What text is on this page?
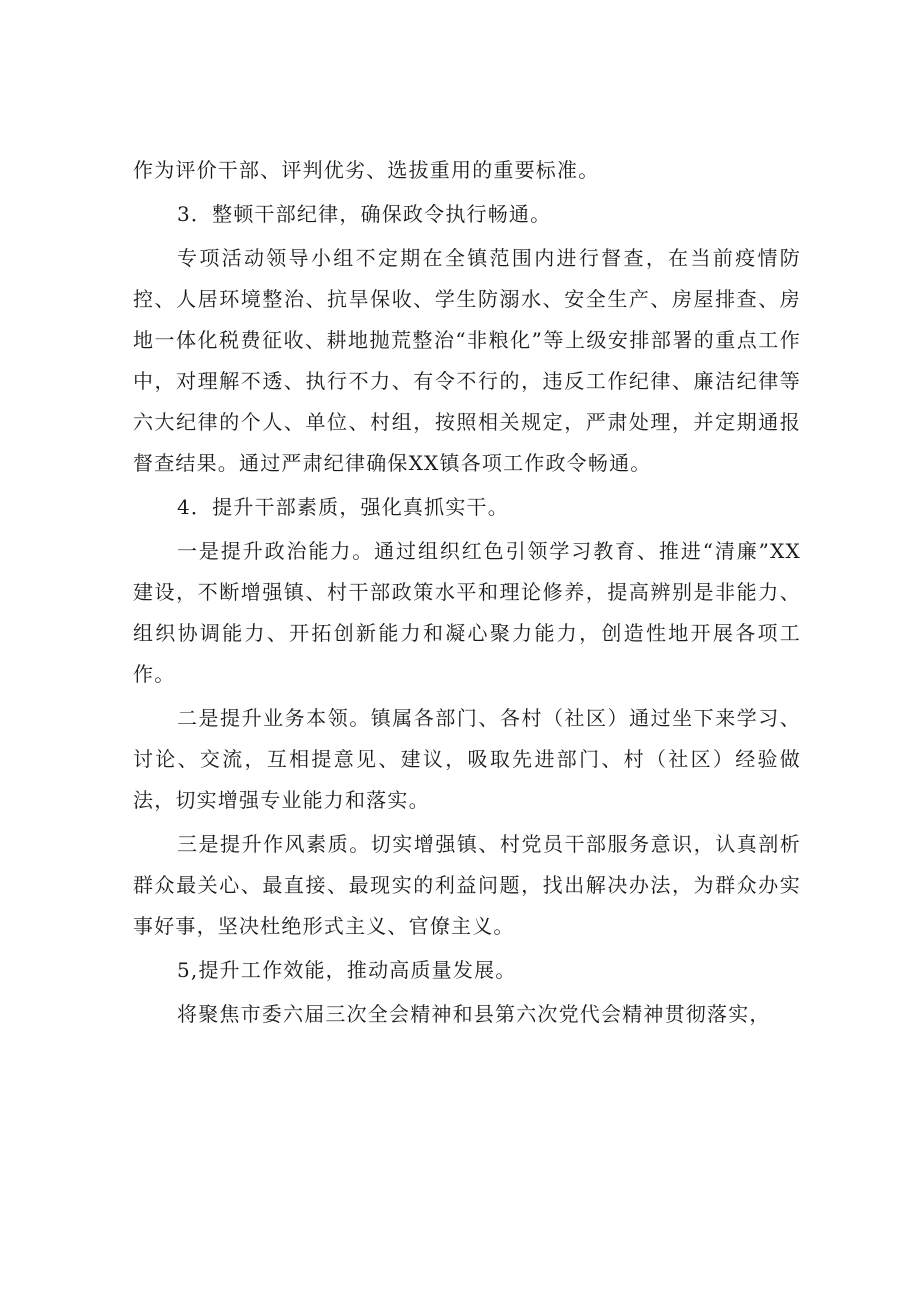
作为评价干部、评判优劣、选拔重用的重要标准。

3．整顿干部纪律，确保政令执行畅通。

专项活动领导小组不定期在全镇范围内进行督查，在当前疫情防控、人居环境整治、抗旱保收、学生防溺水、安全生产、房屋排查、房地一体化税费征收、耕地抛荒整治“非粮化”等上级安排部署的重点工作中，对理解不透、执行不力、有令不行的，违反工作纪律、廉洁纪律等六大纪律的个人、单位、村组，按照相关规定，严肃处理，并定期通报督查结果。通过严肃纪律确保XX镇各项工作政令畅通。

4．提升干部素质，强化真抓实干。

一是提升政治能力。通过组织红色引领学习教育、推进“清廉”XX建设，不断增强镇、村干部政策水平和理论修养，提高辨别是非能力、组织协调能力、开拓创新能力和凝心聚力能力，创造性地开展各项工作。

二是提升业务本领。镇属各部门、各村（社区）通过坐下来学习、讨论、交流，互相提意见、建议，吸取先进部门、村（社区）经验做法，切实增强专业能力和落实。

三是提升作风素质。切实增强镇、村党员干部服务意识，认真剖析群众最关心、最直接、最现实的利益问题，找出解决办法，为群众办实事好事，坚决杜绝形式主义、官僚主义。

5,提升工作效能，推动高质量发展。

将聚焦市委六届三次全会精神和县第六次党代会精神贯彻落实，
